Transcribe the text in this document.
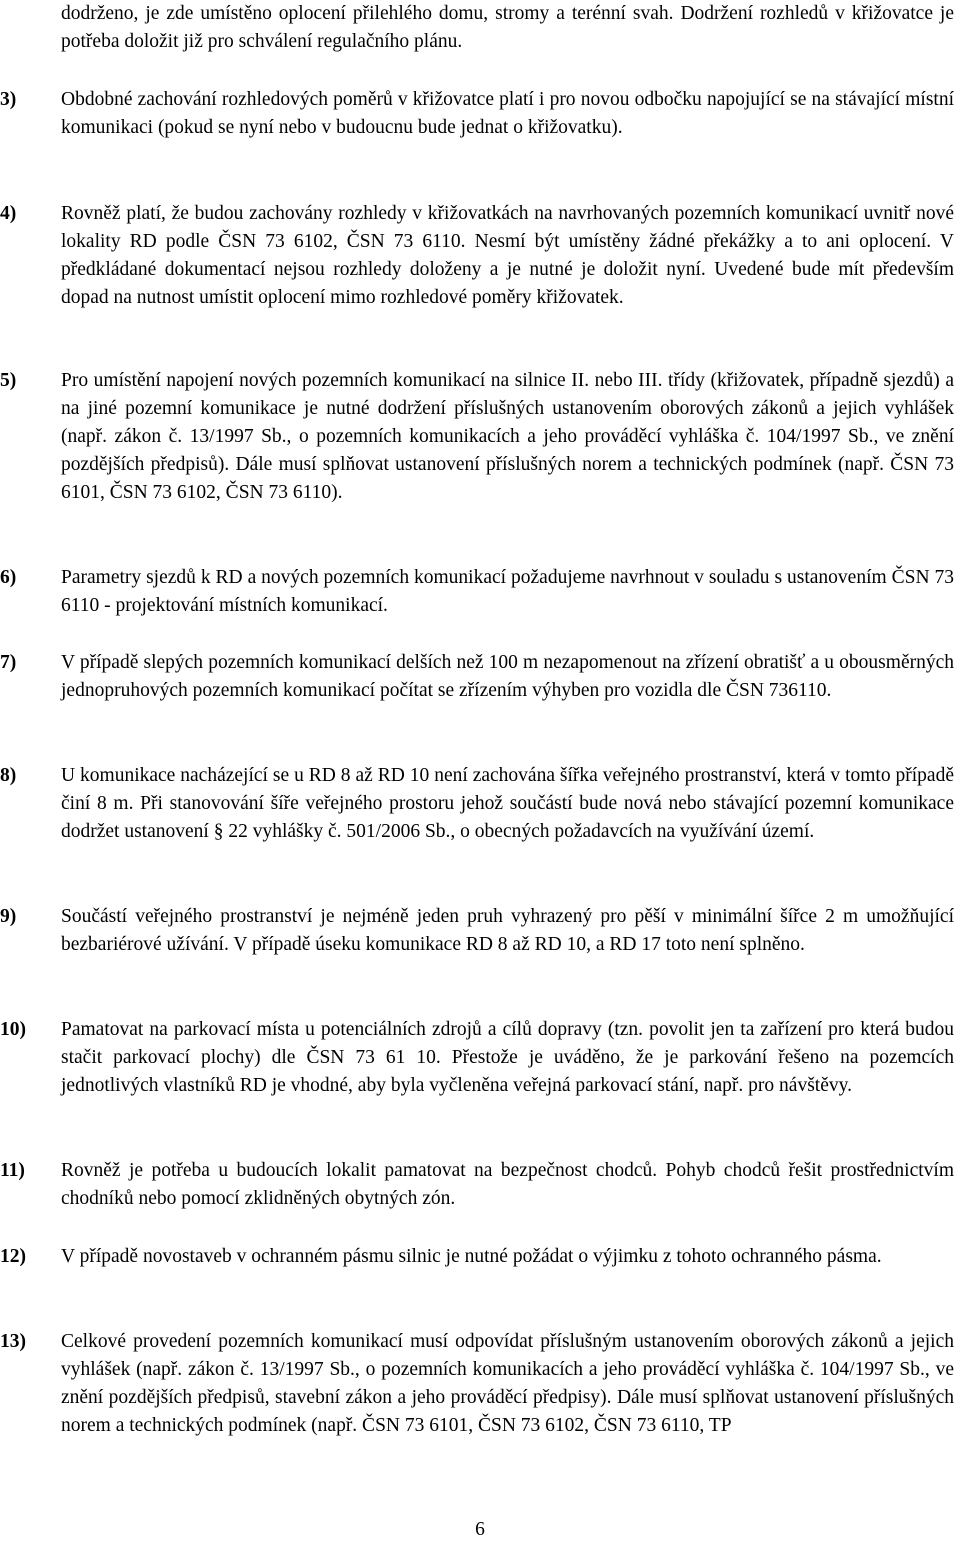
dodrženo, je zde umístěno oplocení přilehlého domu, stromy a terénní svah. Dodržení rozhledů v křižovatce je potřeba doložit již pro schválení regulačního plánu.

3)	Obdobné zachování rozhledových poměrů v křižovatce platí i pro novou odbočku napojující se na stávající místní komunikaci (pokud se nyní nebo v budoucnu bude jednat o křižovatku).
4)	Rovněž platí, že budou zachovány rozhledy v křižovatkách na navrhovaných pozemních komunikací uvnitř nové lokality RD podle ČSN 73 6102, ČSN 73 6110. Nesmí být umístěny žádné překážky a to ani oplocení. V předkládané dokumentací nejsou rozhledy doloženy a je nutné je doložit nyní. Uvedené bude mít především dopad na nutnost umístit oplocení mimo rozhledové poměry křižovatek.
5)	Pro umístění napojení nových pozemních komunikací na silnice II. nebo III. třídy (křižovatek, případně sjezdů) a na jiné pozemní komunikace je nutné dodržení příslušných ustanovením oborových zákonů a jejich vyhlášek (např. zákon č. 13/1997 Sb., o pozemních komunikacích a jeho prováděcí vyhláška č. 104/1997 Sb., ve znění pozdějších předpisů). Dále musí splňovat ustanovení příslušných norem a technických podmínek (např. ČSN 73 6101, ČSN 73 6102, ČSN 73 6110).
6)	Parametry sjezdů k RD a nových pozemních komunikací požadujeme navrhnout v souladu s ustanovením ČSN 73 6110 - projektování místních komunikací.
7)	V případě slepých pozemních komunikací delších než 100 m nezapomenout na zřízení obratišť a u obousměrných jednopruhových pozemních komunikací počítat se zřízením výhyben pro vozidla dle ČSN 736110.
8)	U komunikace nacházející se u RD 8 až RD 10 není zachována šířka veřejného prostranství, která v tomto případě činí 8 m. Při stanovování šíře veřejného prostoru jehož součástí bude nová nebo stávající pozemní komunikace dodržet ustanovení § 22 vyhlášky č. 501/2006 Sb., o obecných požadavcích na využívání území.
9)	Součástí veřejného prostranství je nejméně jeden pruh vyhrazený pro pěší v minimální šířce 2 m umožňující bezbariérové užívání. V případě úseku komunikace RD 8 až RD 10, a RD 17 toto není splněno.
10)	Pamatovat na parkovací místa u potenciálních zdrojů a cílů dopravy (tzn. povolit jen ta zařízení pro která budou stačit parkovací plochy) dle ČSN 73 61 10. Přestože je uváděno, že je parkování řešeno na pozemcích jednotlivých vlastníků RD je vhodné, aby byla vyčleněna veřejná parkovací stání, např. pro návštěvy.
11)	Rovněž je potřeba u budoucích lokalit pamatovat na bezpečnost chodců. Pohyb chodců řešit prostřednictvím chodníků nebo pomocí zklidněných obytných zón.
12)	V případě novostaveb v ochranném pásmu silnic je nutné požádat o výjimku z tohoto ochranného pásma.
13)	Celkové provedení pozemních komunikací musí odpovídat příslušným ustanovením oborových zákonů a jejich vyhlášek (např. zákon č. 13/1997 Sb., o pozemních komunikacích a jeho prováděcí vyhláška č. 104/1997 Sb., ve znění pozdějších předpisů, stavební zákon a jeho prováděcí předpisy). Dále musí splňovat ustanovení příslušných norem a technických podmínek (např. ČSN 73 6101, ČSN 73 6102, ČSN 73 6110, TP
6
